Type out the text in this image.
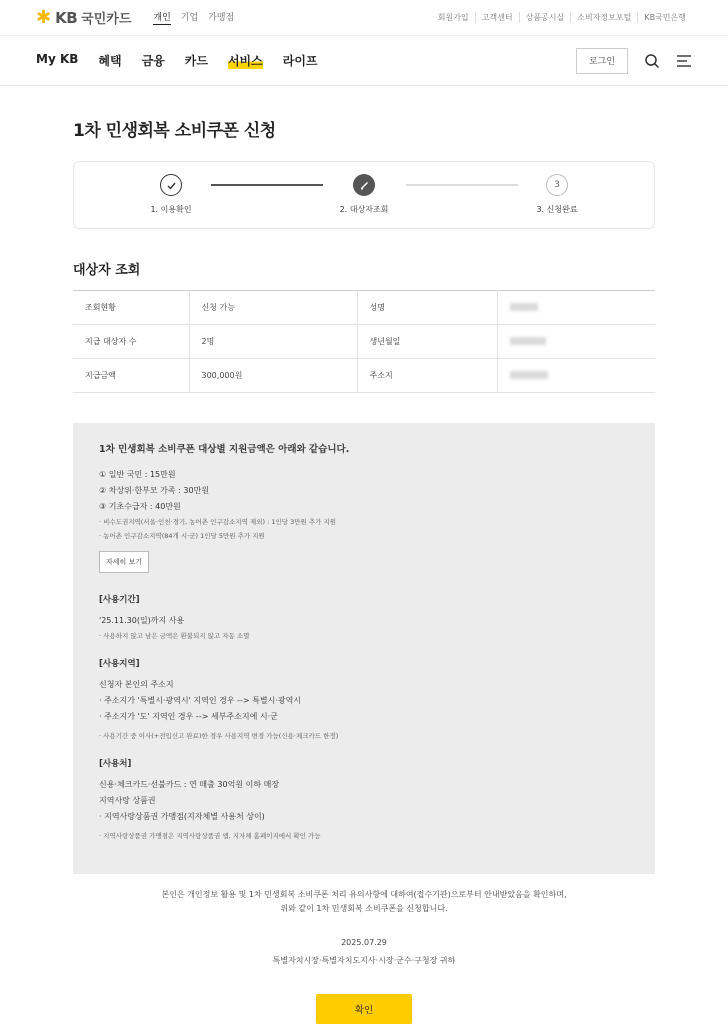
✱ KB 국민카드 개인 기업 가맹점	회원가입	고객센터	상품공시실	소비자정보포털	KB국민은행
My KB 혜택 금융 카드 서비스 라이프	로그인
1차 민생회복 소비쿠폰 신청
1. 이용확인	2. 대상자조회
3
3. 신청완료
대상자 조회
조회현황	신청 가능	성명	
지급 대상자 수	2명	생년월일	
지급금액	300,000원	주소지	
1차 민생회복 소비쿠폰 대상별 지원금액은 아래와 같습니다.
① 일반 국민 : 15만원
② 차상위·한부모 가족 : 30만원
③ 기초수급자 : 40만원
· 비수도권지역(서울·인천·경기, 농어촌 인구감소지역 제외) : 1인당 3만원 추가 지원
· 농어촌 인구감소지역(84개 시·군) 1인당 5만원 추가 지원
자세히 보기
[사용기간]
'25.11.30(일)까지 사용
· 사용하지 않고 남은 금액은 환불되지 않고 자동 소멸
[사용지역]
신청자 본인의 주소지
· 주소지가 '특별시·광역시' 지역인 경우 --> 특별시·광역시
· 주소지가 '도' 지역인 경우 --> 세부주소지에 시·군
· 사용기간 중 이사(+전입신고 완료)한 경우 사용지역 변경 가능(신용·체크카드 한정)
[사용처]
신용·체크카드·선불카드 : 연 매출 30억원 이하 매장
지역사랑 상품권
· 지역사랑상품권 가맹점(지자체별 사용처 상이)
· 지역사랑상품권 가맹점은 지역사랑상품권 앱, 지자체 홈페이지에서 확인 가능
본인은 개인정보 활용 및 1차 민생회복 소비쿠폰 처리 유의사항에 대하여(접수기관)으로부터 안내받았음을 확인하며,
위와 같이 1차 민생회복 소비쿠폰을 신청합니다.
2025.07.29
특별자치시장·특별자치도지사·시장·군수·구청장 귀하
확인
